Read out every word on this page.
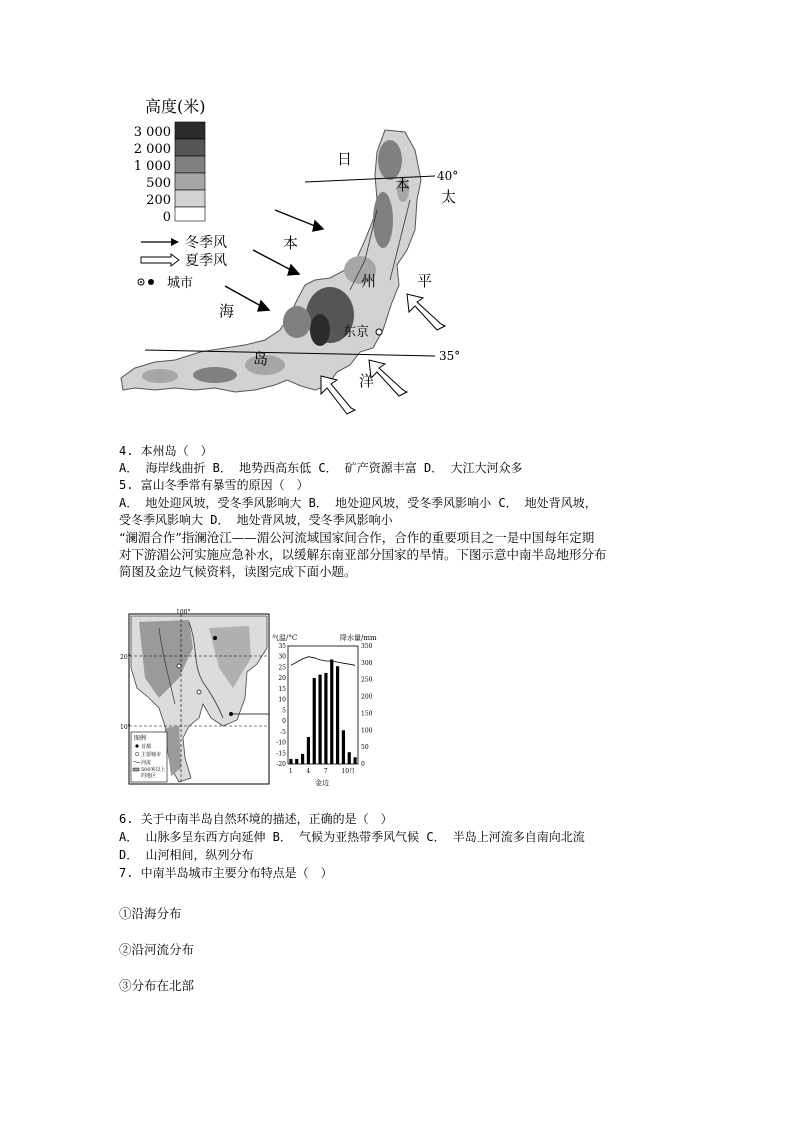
40°
35°
日
本
海
本
州
岛
太
平
洋
东京
高度(米)
3 000
2 000
1 000
500
200
0
冬季风
夏季风
城市
4. 本州岛（　）
A． 海岸线曲折 B． 地势西高东低 C． 矿产资源丰富 D． 大江大河众多
5. 富山冬季常有暴雪的原因（　）
A． 地处迎风坡，受冬季风影响大 B． 地处迎风坡，受冬季风影响小 C． 地处背风坡，
受冬季风影响大 D． 地处背风坡，受冬季风影响小
“澜湄合作”指澜沧江——湄公河流域国家间合作，合作的重要项目之一是中国每年定期
对下游湄公河实施应急补水，以缓解东南亚部分国家的旱情。下图示意中南半岛地形分布
简图及金边气候资料，读图完成下面小题。
100°
20°
10°
图例
首都
主要城市
河流
500米以上
的地区
气温/°C	降水量/mm
35
30
25
20
15
10
5
0
-5
-10
-15
-20
350
300
250
200
150
100
50
0
1 4 7 10月
金边
6. 关于中南半岛自然环境的描述，正确的是（　）
A． 山脉多呈东西方向延伸 B． 气候为亚热带季风气候 C． 半岛上河流多自南向北流
D． 山河相间，纵列分布
7. 中南半岛城市主要分布特点是（　）
①沿海分布
②沿河流分布
③分布在北部
